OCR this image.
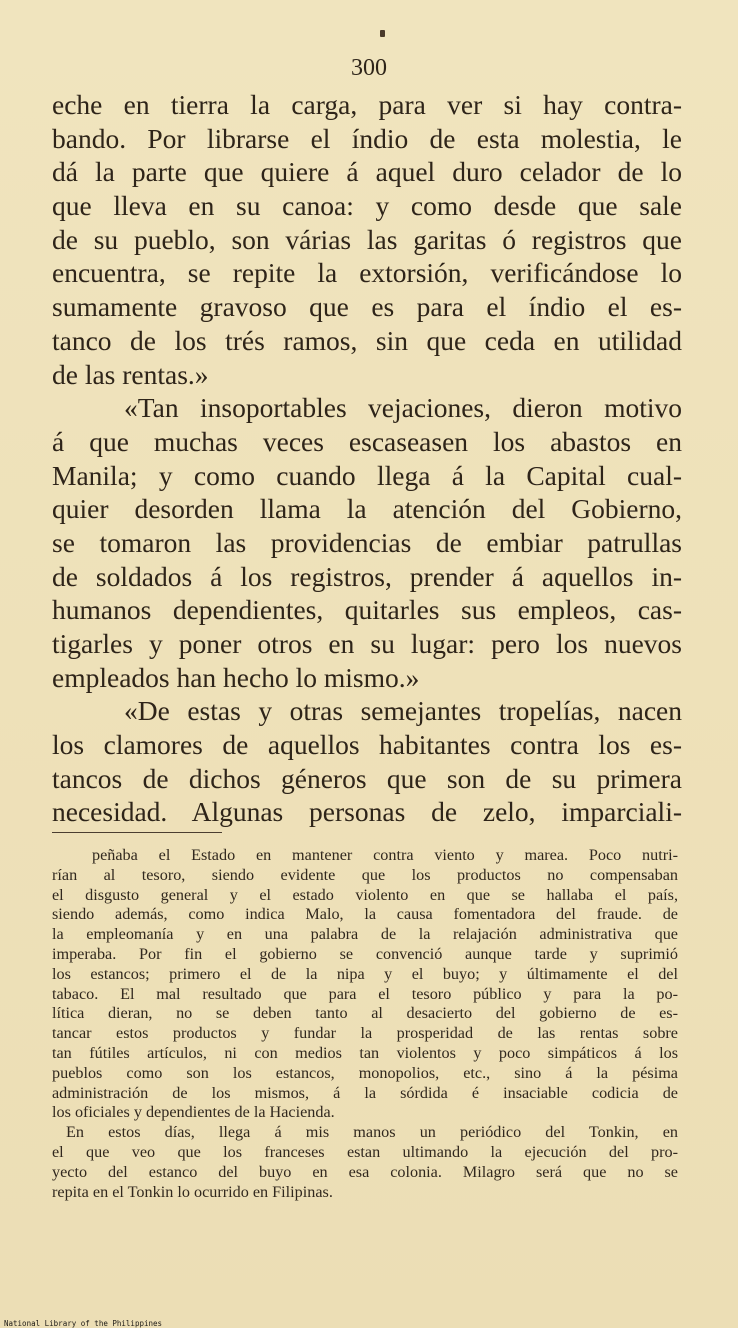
300
eche en tierra la carga, para ver si hay contra-
bando. Por librarse el índio de esta molestia, le
dá la parte que quiere á aquel duro celador de lo
que lleva en su canoa: y como desde que sale
de su pueblo, son várias las garitas ó registros que
encuentra, se repite la extorsión, verificándose lo
sumamente gravoso que es para el índio el es-
tanco de los trés ramos, sin que ceda en utilidad
de las rentas.»
«Tan insoportables vejaciones, dieron motivo
á que muchas veces escaseasen los abastos en
Manila; y como cuando llega á la Capital cual-
quier desorden llama la atención del Gobierno,
se tomaron las providencias de embiar patrullas
de soldados á los registros, prender á aquellos in-
humanos dependientes, quitarles sus empleos, cas-
tigarles y poner otros en su lugar: pero los nuevos
empleados han hecho lo mismo.»
«De estas y otras semejantes tropelías, nacen
los clamores de aquellos habitantes contra los es-
tancos de dichos géneros que son de su primera
necesidad. Algunas personas de zelo, imparciali-
peñaba el Estado en mantener contra viento y marea. Poco nutri-
rían al tesoro, siendo evidente que los productos no compensaban
el disgusto general y el estado violento en que se hallaba el país,
siendo además, como indica Malo, la causa fomentadora del fraude. de
la empleomanía y en una palabra de la relajación administrativa que
imperaba. Por fin el gobierno se convenció aunque tarde y suprimió
los estancos; primero el de la nipa y el buyo; y últimamente el del
tabaco. El mal resultado que para el tesoro público y para la po-
lítica dieran, no se deben tanto al desacierto del gobierno de es-
tancar estos productos y fundar la prosperidad de las rentas sobre
tan fútiles artículos, ni con medios tan violentos y poco simpáticos á los
pueblos como son los estancos, monopolios, etc., sino á la pésima
administración de los mismos, á la sórdida é insaciable codicia de
los oficiales y dependientes de la Hacienda.
En estos días, llega á mis manos un periódico del Tonkin, en
el que veo que los franceses estan ultimando la ejecución del pro-
yecto del estanco del buyo en esa colonia. Milagro será que no se
repita en el Tonkin lo ocurrido en Filipinas.
National Library of the Philippines
